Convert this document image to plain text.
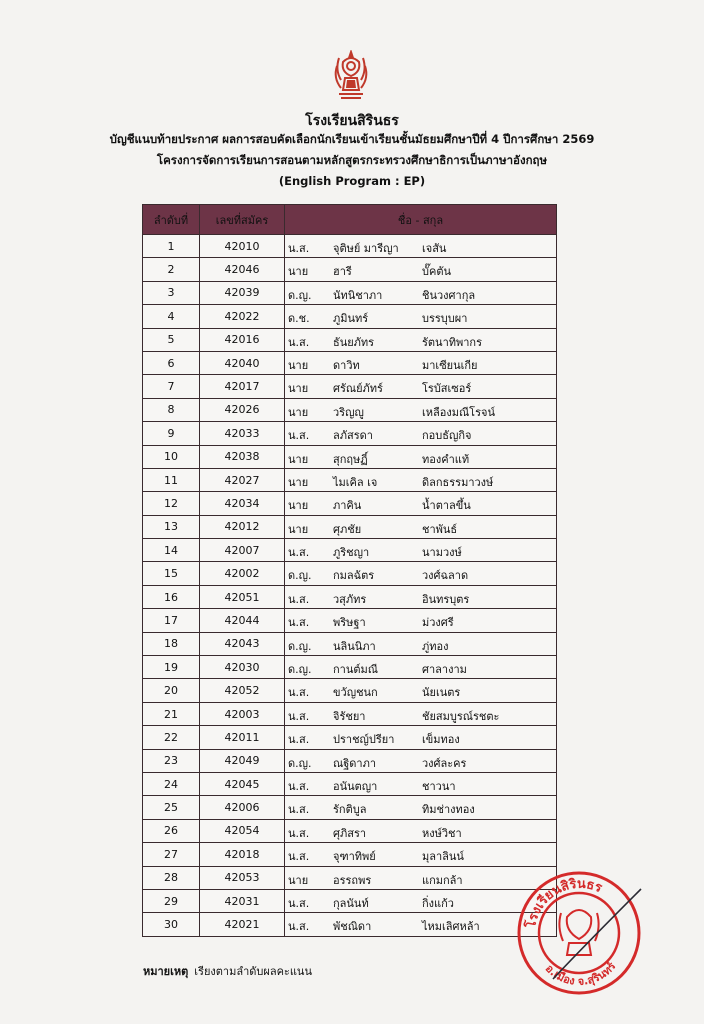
โรงเรียนสิรินธร
บัญชีแนบท้ายประกาศ ผลการสอบคัดเลือกนักเรียนเข้าเรียนชั้นมัธยมศึกษาปีที่ 4 ปีการศึกษา 2569
โครงการจัดการเรียนการสอนตามหลักสูตรกระทรวงศึกษาธิการเป็นภาษาอังกฤษ
(English Program : EP)
ลำดับที่	เลขที่สมัคร	ชื่อ - สกุล
1	42010	น.ส. จุติษย์ มารีญา เจสัน

2	42046	นาย ฮารี บั๊คตัน

3	42039	ด.ญ. นัทนิชาภา ชินวงศากุล

4	42022	ด.ช. ภูมินทร์ บรรบุบผา

5	42016	น.ส. ธันยภัทร รัตนาทิพากร

6	42040	นาย ดาวิท มาเซียนเกีย

7	42017	นาย ศรัณย์ภัทร์ โรบัสเซอร์

8	42026	นาย วริญญู เหลืองมณีโรจน์

9	42033	น.ส. ลภัสรดา กอบธัญกิจ

10	42038	นาย สุกฤษฏิ์ ทองคำแท้

11	42027	นาย ไมเคิล เจ ดิลกธรรมาวงษ์

12	42034	นาย ภาคิน น้ำตาลขึ้น

13	42012	นาย ศุภชัย ชาพันธ์

14	42007	น.ส. ภูริชญา นามวงษ์

15	42002	ด.ญ. กมลฉัตร วงศ์ฉลาด

16	42051	น.ส. วสุภัทร อินทรบุตร

17	42044	น.ส. พริษฐา ม่วงศรี

18	42043	ด.ญ. นลินนิภา ภู่ทอง

19	42030	ด.ญ. กานต์มณี ศาลางาม

20	42052	น.ส. ขวัญชนก นัยเนตร

21	42003	น.ส. จิรัชยา ชัยสมบูรณ์รชตะ

22	42011	น.ส. ปราชญ์ปรียา เข็มทอง

23	42049	ด.ญ. ณฐิดาภา วงศ์ละคร

24	42045	น.ส. อนันตญา ชาวนา

25	42006	น.ส. รักติบูล ทิมช่างทอง

26	42054	น.ส. ศุภิสรา หงษ์วิชา

27	42018	น.ส. จุฑาทิพย์ มุลาลินน์

28	42053	นาย อรรถพร แกมกล้า

29	42031	น.ส. กุลนันท์ กิ่งแก้ว

30	42021	น.ส. พัชณิดา ไหมเลิศหล้า
หมายเหตุ เรียงตามลำดับผลคะแนน
โรงเรียนสิรินธร
อ.เมือง จ.สุรินทร์
